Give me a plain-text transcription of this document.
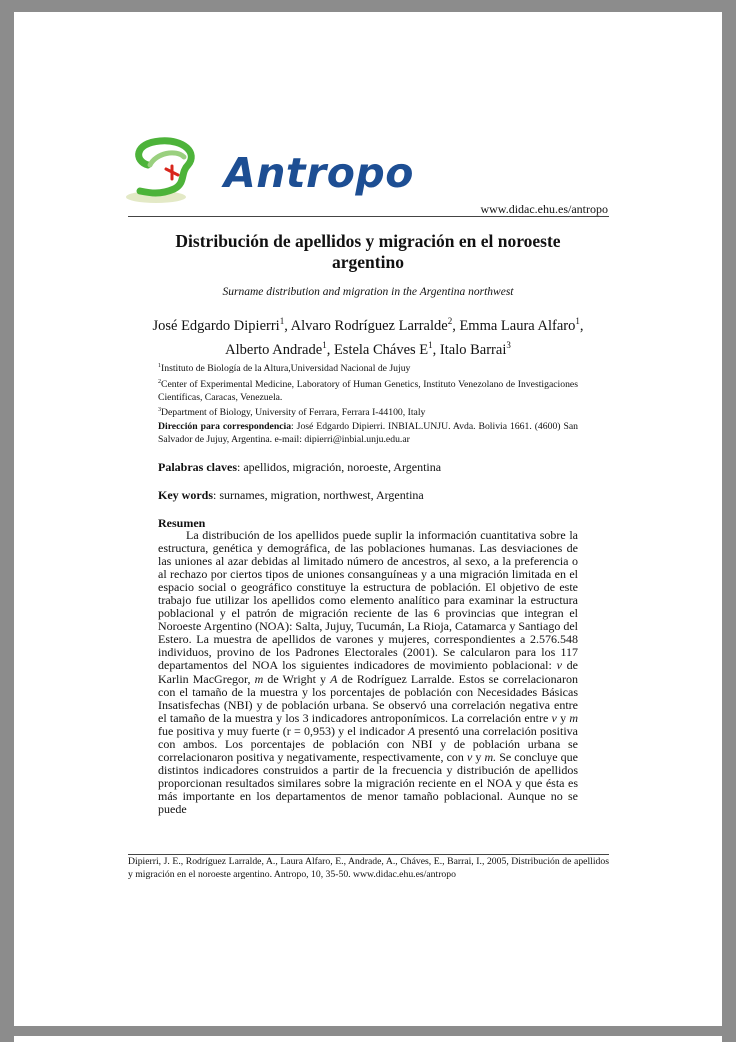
Antropo
www.didac.ehu.es/antropo
Distribución de apellidos y migración en el noroeste argentino
Surname distribution and migration in the Argentina northwest
José Edgardo Dipierri$^1$, Alvaro Rodríguez Larralde$^2$, Emma Laura Alfaro$^1$,
Alberto Andrade$^1$, Estela Cháves $E^1$, Italo Barrai$^3$
$^1$Instituto de Biología de la Altura,Universidad Nacional de Jujuy
$^2$Center of Experimental Medicine, Laboratory of Human Genetics, Instituto Venezolano de Investigaciones Científicas, Caracas, Venezuela.
$^3$Department of Biology, University of Ferrara, Ferrara I-44100, Italy
Dirección para correspondencia: José Edgardo Dipierri. INBIAL.UNJU. Avda. Bolivia 1661. (4600) San Salvador de Jujuy, Argentina. e-mail: dipierri@inbial.unju.edu.ar
Palabras claves: apellidos, migración, noroeste, Argentina
Key words: surnames, migration, northwest, Argentina
Resumen
La distribución de los apellidos puede suplir la información cuantitativa sobre la estructura, genética y demográfica, de las poblaciones humanas. Las desviaciones de las uniones al azar debidas al limitado número de ancestros, al sexo, a la preferencia o al rechazo por ciertos tipos de uniones consanguíneas y a una migración limitada en el espacio social o geográfico constituye la estructura de población. El objetivo de este trabajo fue utilizar los apellidos como elemento analítico para examinar la estructura poblacional y el patrón de migración reciente de las 6 provincias que integran el Noroeste Argentino (NOA): Salta, Jujuy, Tucumán, La Rioja, Catamarca y Santiago del Estero. La muestra de apellidos de varones y mujeres, correspondientes a 2.576.548 individuos, provino de los Padrones Electorales (2001). Se calcularon para los 117 departamentos del NOA los siguientes indicadores de movimiento poblacional: v de Karlin MacGregor, m de Wright y A de Rodríguez Larralde. Estos se correlacionaron con el tamaño de la muestra y los porcentajes de población con Necesidades Básicas Insatisfechas (NBI) y de población urbana. Se observó una correlación negativa entre el tamaño de la muestra y los 3 indicadores antroponímicos. La correlación entre v y m fue positiva y muy fuerte (r = 0,953) y el indicador A presentó una correlación positiva con ambos. Los porcentajes de población con NBI y de población urbana se correlacionaron positiva y negativamente, respectivamente, con v y m. Se concluye que distintos indicadores construidos a partir de la frecuencia y distribución de apellidos proporcionan resultados similares sobre la migración reciente en el NOA y que ésta es más importante en los departamentos de menor tamaño poblacional. Aunque no se puede
Dipierri, J. E., Rodríguez Larralde, A., Laura Alfaro, E., Andrade, A., Cháves, E., Barrai, I., 2005, Distribución de apellidos y migración en el noroeste argentino. Antropo, 10, 35-50. www.didac.ehu.es/antropo
